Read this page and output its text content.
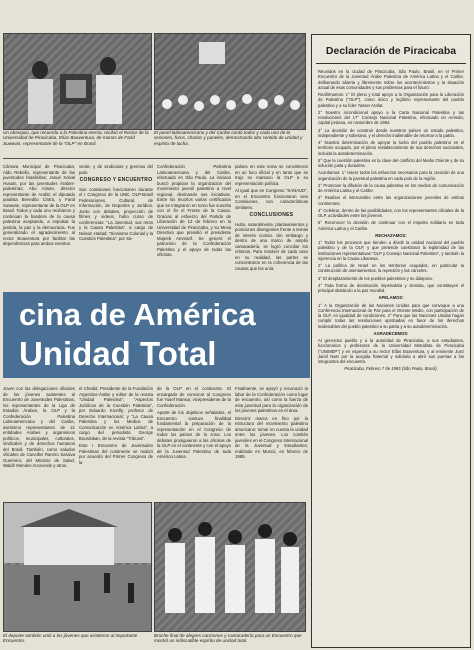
Un obsequio, que recuerda a la Palestina eterna, recibió el Rector de la Universidad de Piracicaba, Elías Boaventura, de manos de Farid Suwwan, representante de la "OLP" en Brasil.
El panel latinoamericano y del Caribe contó todos y cada uno de la sesiones, foros, charlas y paneles, demostrando alto sentido de unidad y espíritu de lucha.

Cámara Municipal de Piracicaba; Aldo Rebello, representante de las juventudes brasileñas; Josué Xolval Husain, por las juventudes Árabes- palestinas; Abu Aiman, director representante de Arafat; el diputado paulista Benedito Cintra, y Farid Suwwan, representante de la OLP en Brasil. Todos y cada uno recibieron y continúan la bandera de la causa palestina aceptando, a impulsar la justicia, la paz y la democracia. Fue generalizado el agradecimiento al rector Boaventura por facilitar las dependencias para ambos eventos.

verde, y de sindicatos y gremios del país.

CONGRESO Y ENCUENTRO

Sus comisiones funcionaron durante el I Congreso de la UNE, OLP-Brasil Federaciones, Cultural, de Información, de Deportes y Jurídica. Junto con debates, proyección de filmes y videos, hubo curso de conferencias: "La Juventud, sus retos y la Causa Palestina", a cargo de Nelson Hadad; "Sionismo Colonial y la Cuestión Palestina", por Sa-

Confederación Palestina Latinoamericana y del Caribe, efectuado en São Paulo. La iniciaos buscó propiciar la organización del movimiento juvenil palestino a nivel regional, devinando sus iniciativas. Entre los muchos varias certificados que se integraron en torno fue suscrita con el fin el Frente de la Causa. Gracias al esfuerzo del Partido de Liberación de 12 de febrero en la Universidad de Piracicaba, y su Mesa Directiva que presidió el presidente Mujeeb Ammarif. Se generó el patrocinio de la Confederación Palestina y el apoyo de todas las oficinas.

países en este tema se convirtieron en un foco oficial y en tanto que se trajo se mantuvo la OLP a su representación política.

Al igual que en Congreso "SANAUD", en el Encuentro funcionaron seis Comisiones, con características similares.

CONCLUSIONES

Hubo, naturalmente, planteamientos y posiciones divergentes frente a temas de interés común. Sin embargo y dentro de una marco de amplio camaradería, se logró conciliar los criterios. Para resolver de cada caso en su realidad, las partes se concentraron en la coherencia de las causas que los unía.

cina de América
Unidad Total

Joven con las delegaciones oficiales de los jóvenes asistentes al Encuentro de Juventudes Palestinas, los representantes de la Liga de Estados Árabes, la OLP y la Confederación Palestina Latinoamericana y del Caribe, asimismo representantes de 21 entidades Árabes y organismos políticos, municipales, culturales, sindicales y de derechos humanos del Brasil. También, como saludos oficiales de Canciller Ramiro Saraiva Guerreiro, del Ministro de Salud, Waldir Mendes Arcoverde y otros.

el Chedid, Presidente de la Fundación Argentino-Árabe y editor de la revista "Unidad Palestina"; "Aspectos Jurídicos de la Cuestión Palestina", por Eduardo Kronfly, profesor de Derecho Internacional; y "La Causa Palestina y los Medios de Comunicación en América Latina", a cargo del periodista George Bourdokan, de la revista "Tribuna".

Este I Encuentro de Juventudes Palestinas del continente se realizó por acuerdo del Primer Congreso de la

de la OLP en el continente. El encargado de convocar al Congreso fue Yusef Mansur, vicepresidente de la Confederación.

Aparte de los objetivos señalados, el Encuentro sostuvo finalidad fundamental la preparación de la representación en el Congreso de todos los países de la zona. Los debates prosiguieron a las oficinas de la OLP en el continente y con el apoyo de la Juventud Palestina de toda América Latina.

Finalmente, se apoyó y reconoció la labor de la Confederación como lugar de encuentro, así como la fuerza de esta juventud para la organización de los jóvenes palestinos en el área.

Directriz marca en fino por la estructura del movimiento palestino americano: tomar en cuenta la unidad entre los jóvenes. Los comités juveniles en el Congreso Internacional de la Juventud y Estudiantes, realizado en Moscú, en febrero de 1985.

El deporte también unió a los jóvenes que asistieron al importante Encuentro.
Broche final de alegres canciones y camaradería para un Encuentro que mostró un indiscutible espíritu de unidad total.
Declaración de Piracicaba

Reunidos en la ciudad de Piracicaba, São Paulo, Brasil, en el Primer Encuentro de la Juventud Árabe Palestina de América Latina y el Caribe, deliberando abierta y libremente sobre los acontecimientos y la situación actual de esas comunidades y sus problemas para el futuro:

Reafirmamos: 1° El pleno y total apoyo a la Organización para la Liberación de Palestina ("OLP"), como único y legítimo representante del pueblo palestino y a su líder Yasser Arafat.

2° Nuestro incondicional apoyo a la Carta Nacional Palestina y las resoluciones del 17° Consejo Nacional Palestino, efectuado en Ammán, capital jordana, en noviembre de 1984.

3° La decisión de construir desde nuestros países un estado palestino, independiente y soberano, y el derecho inalienable de retornar a la patria.

4° Nuestra determinación de apoyar la lucha del pueblo palestino en el territorio ocupado, por el pleno restablecimiento de sus derechos nacionales, incluida la autodeterminación.

5° Que la cuestión palestina es la clave del conflicto del Medio Oriente y de su solución justa y duradera.

Acordamos: 1° Hacer todos los esfuerzos necesarios para la creación de una organización de la juventud palestina en cada país de la región.

2° Promover la difusión de la causa palestina en los medios de comunicación de América Latina y el Caribe.

3° Realizar el intercambio entre las organizaciones juveniles de ambos continentes.

4° Celebrar, dentro de las posibilidades, con los representantes oficiales de la OLP, actividades entre los jóvenes.

5° Reconocer la decisión de continuar con el impulso solidario en toda América Latina y el Caribe.

RECHAZAMOS:

1° Todos los procesos que tienden a dividir la unidad nacional del pueblo palestino y de la OLP, y que pretende cuestionar la legitimidad de las instituciones representativas "OLP y Consejo Nacional Palestino", y también la injerencia en la Causa Libanesa.

2° La política de Israel en los territorios ocupados, en particular la construcción de asentamientos, la represión y las cárceles.

3° El desplazamiento de los pueblos palestinos y su diáspora.

4° Toda forma de dominación imperialista y sionista, que constituyen el principal obstáculo a la paz mundial.

APELAMOS:

1° A la Organización de las Naciones Unidas para que convoque a una Conferencia Internacional de Paz para el Oriente Medio, con participación de la OLP, en igualdad de condiciones. 2° Para que las Naciones Unidas hagan cumplir todas las resoluciones aprobadas en favor de los derechos inalienables del pueblo palestino a su patria y a su autodeterminación.

AGRADECEMOS:

Al generoso pueblo y a la autoridad de Piracicaba, a sus estudiantes, funcionarios y profesores de la Universidad Metodista de Piracicaba ("UNIMEP") y en especial a su rector Elías Boaventura, y al eminente Juez Jamil Nasr por la acogida fraternal y solidaria a abrir sus puertas a los integrantes del encuentro.

Piracicaba, Febrero 7 de 1985 (São Paulo, Brasil).
